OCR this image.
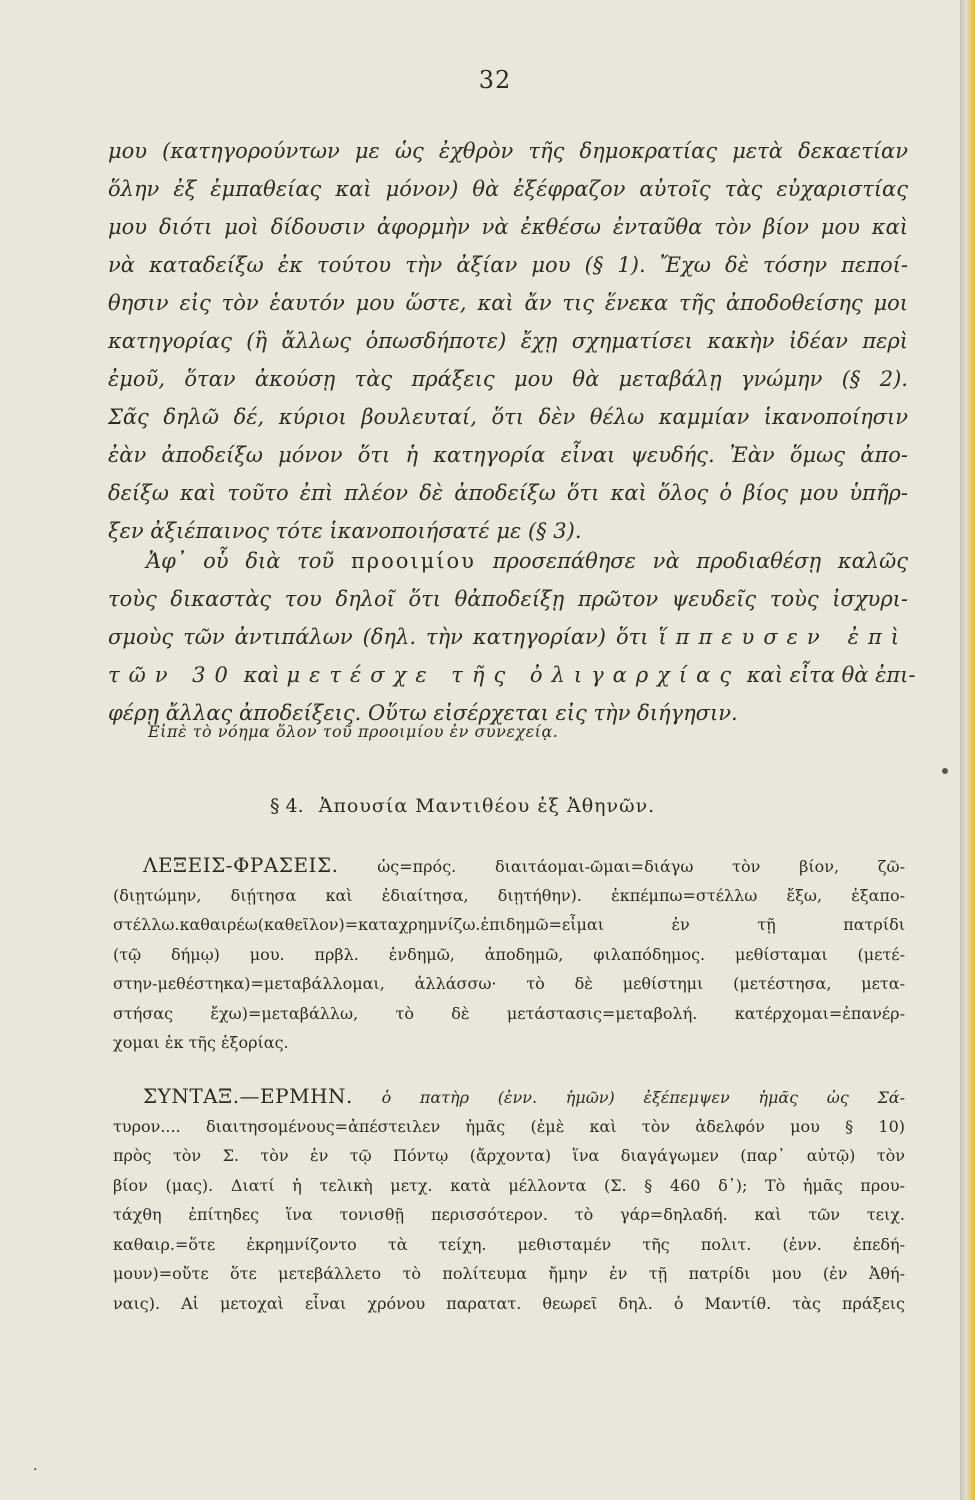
32
μου (κατηγορούντων με ὡς ἐχθρὸν τῆς δημοκρατίας μετὰ δεκαετίαν
ὅλην ἐξ ἐμπαθείας καὶ μόνον) θὰ ἐξέφραζον αὐτοῖς τὰς εὐχαριστίας
μου διότι μοὶ δίδουσιν ἀφορμὴν νὰ ἐκθέσω ἐνταῦθα τὸν βίον μου καὶ
νὰ καταδείξω ἐκ τούτου τὴν ἀξίαν μου (§ 1). Ἔχω δὲ τόσην πεποί-
θησιν εἰς τὸν ἑαυτόν μου ὥστε, καὶ ἄν τις ἕνεκα τῆς ἀποδοθείσης μοι
κατηγορίας (ἢ ἄλλως ὁπωσδήποτε) ἔχῃ σχηματίσει κακὴν ἰδέαν περὶ
ἐμοῦ, ὅταν ἀκούσῃ τὰς πράξεις μου θὰ μεταβάλῃ γνώμην (§ 2).
Σᾶς δηλῶ δέ, κύριοι βουλευταί, ὅτι δὲν θέλω καμμίαν ἱκανοποίησιν
ἐὰν ἀποδείξω μόνον ὅτι ἡ κατηγορία εἶναι ψευδής. Ἐὰν ὅμως ἀπο-
δείξω καὶ τοῦτο ἐπὶ πλέον δὲ ἀποδείξω ὅτι καὶ ὅλος ὁ βίος μου ὑπῆρ-
ξεν ἀξιέπαινος τότε ἱκανοποιήσατέ με (§ 3).
Ἀφ᾽ οὗ διὰ τοῦ προοιμίου προσεπάθησε νὰ προδιαθέσῃ καλῶς
τοὺς δικαστὰς του δηλοῖ ὅτι θἀποδείξῃ πρῶτον ψευδεῖς τοὺς ἰσχυρι-
σμοὺς τῶν ἀντιπάλων (δηλ. τὴν κατηγορίαν) ὅτι ἵππευσεν ἐπὶ
τῶν 30 καὶ μετέσχε τῆς ὀλιγαρχίας καὶ εἶτα θὰ ἐπι-
φέρῃ ἄλλας ἀποδείξεις. Οὕτω εἰσέρχεται εἰς τὴν διήγησιν.
Εἰπὲ τὸ νόημα ὅλον τοῦ προοιμίου ἐν συνεχείᾳ.
§ 4. Ἀπουσία Μαντιθέου ἐξ Ἀθηνῶν.
ΛΕΞΕΙΣ-ΦΡΑΣΕΙΣ. ὡς=πρός. διαιτάομαι-ῶμαι=διάγω τὸν βίον, ζῶ-
(διῃτώμην, διῄτησα καὶ ἐδιαίτησα, διῃτήθην). ἐκπέμπω=στέλλω ἔξω, ἐξαπο-
στέλλω.καθαιρέω(καθεῖλον)=καταχρημνίζω.ἐπιδημῶ=εἶμαι ἐν τῇ πατρίδι
(τῷ δήμῳ) μου. πρβλ. ἐνδημῶ, ἀποδημῶ, φιλαπόδημος. μεθίσταμαι (μετέ-
στην-μεθέστηκα)=μεταβάλλομαι, ἀλλάσσω· τὸ δὲ μεθίστημι (μετέστησα, μετα-
στήσας ἔχω)=μεταβάλλω, τὸ δὲ μετάστασις=μεταβολή. κατέρχομαι=ἐπανέρ-
χομαι ἐκ τῆς ἐξορίας.
ΣΥΝΤΑΞ.—ΕΡΜΗΝ. ὁ πατὴρ (ἐνν. ἡμῶν) ἐξέπεμψεν ἡμᾶς ὡς Σά-
τυρον.... διαιτησομένους=ἀπέστειλεν ἡμᾶς (ἐμὲ καὶ τὸν ἀδελφόν μου § 10)
πρὸς τὸν Σ. τὸν ἐν τῷ Πόντῳ (ἄρχοντα) ἵνα διαγάγωμεν (παρ᾽ αὐτῷ) τὸν
βίον (μας). Διατί ἡ τελικὴ μετχ. κατὰ μέλλοντα (Σ. § 460 δ᾽); Τὸ ἡμᾶς πρου-
τάχθη ἐπίτηδες ἵνα τονισθῇ περισσότερον. τὸ γάρ=δηλαδή. καὶ τῶν τειχ.
καθαιρ.=ὅτε ἐκρημνίζοντο τὰ τείχη. μεθισταμέν τῆς πολιτ. (ἐνν. ἐπεδή-
μουν)=οὔτε ὅτε μετεβάλλετο τὸ πολίτευμα ἤμην ἐν τῇ πατρίδι μου (ἐν Ἀθή-
ναις). Αἱ μετοχαὶ εἶναι χρόνου παρατατ. θεωρεῖ δηλ. ὁ Μαντίθ. τὰς πράξεις
·
